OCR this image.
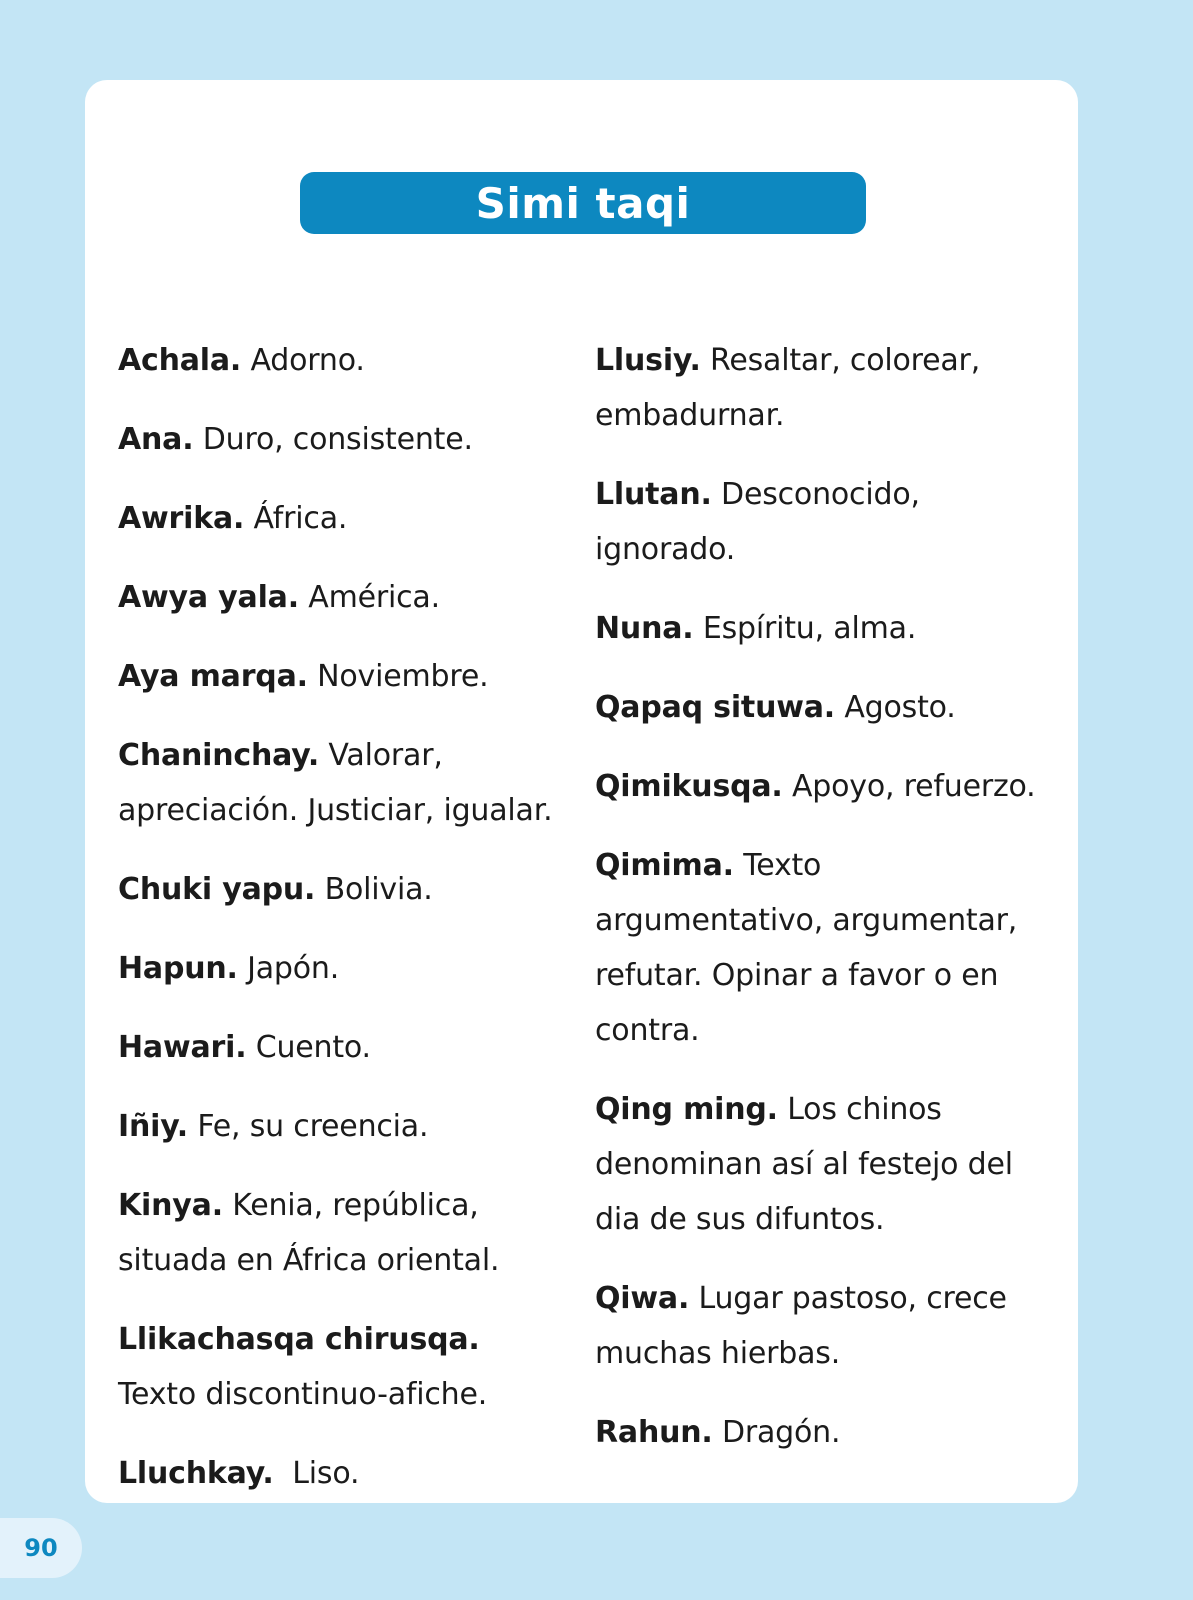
Simi taqi

Achala. Adorno.

Ana. Duro, consistente.

Awrika. África.

Awya yala. América.

Aya marqa. Noviembre.

Chaninchay. Valorar, apreciación. Justiciar, igualar.

Chuki yapu. Bolivia.

Hapun. Japón.

Hawari. Cuento.

Iñiy. Fe, su creencia.

Kinya. Kenia, república, situada en África oriental.

Llikachasqa chirusqa. Texto discontinuo-afiche.

Lluchkay. Liso.

Llusiy. Resaltar, colorear, embadurnar.

Llutan. Desconocido, ignorado.

Nuna. Espíritu, alma.

Qapaq situwa. Agosto.

Qimikusqa. Apoyo, refuerzo.

Qimima. Texto argumentativo, argumentar, refutar. Opinar a favor o en contra.

Qing ming. Los chinos denominan así al festejo del dia de sus difuntos.

Qiwa. Lugar pastoso, crece muchas hierbas.

Rahun. Dragón.

90
